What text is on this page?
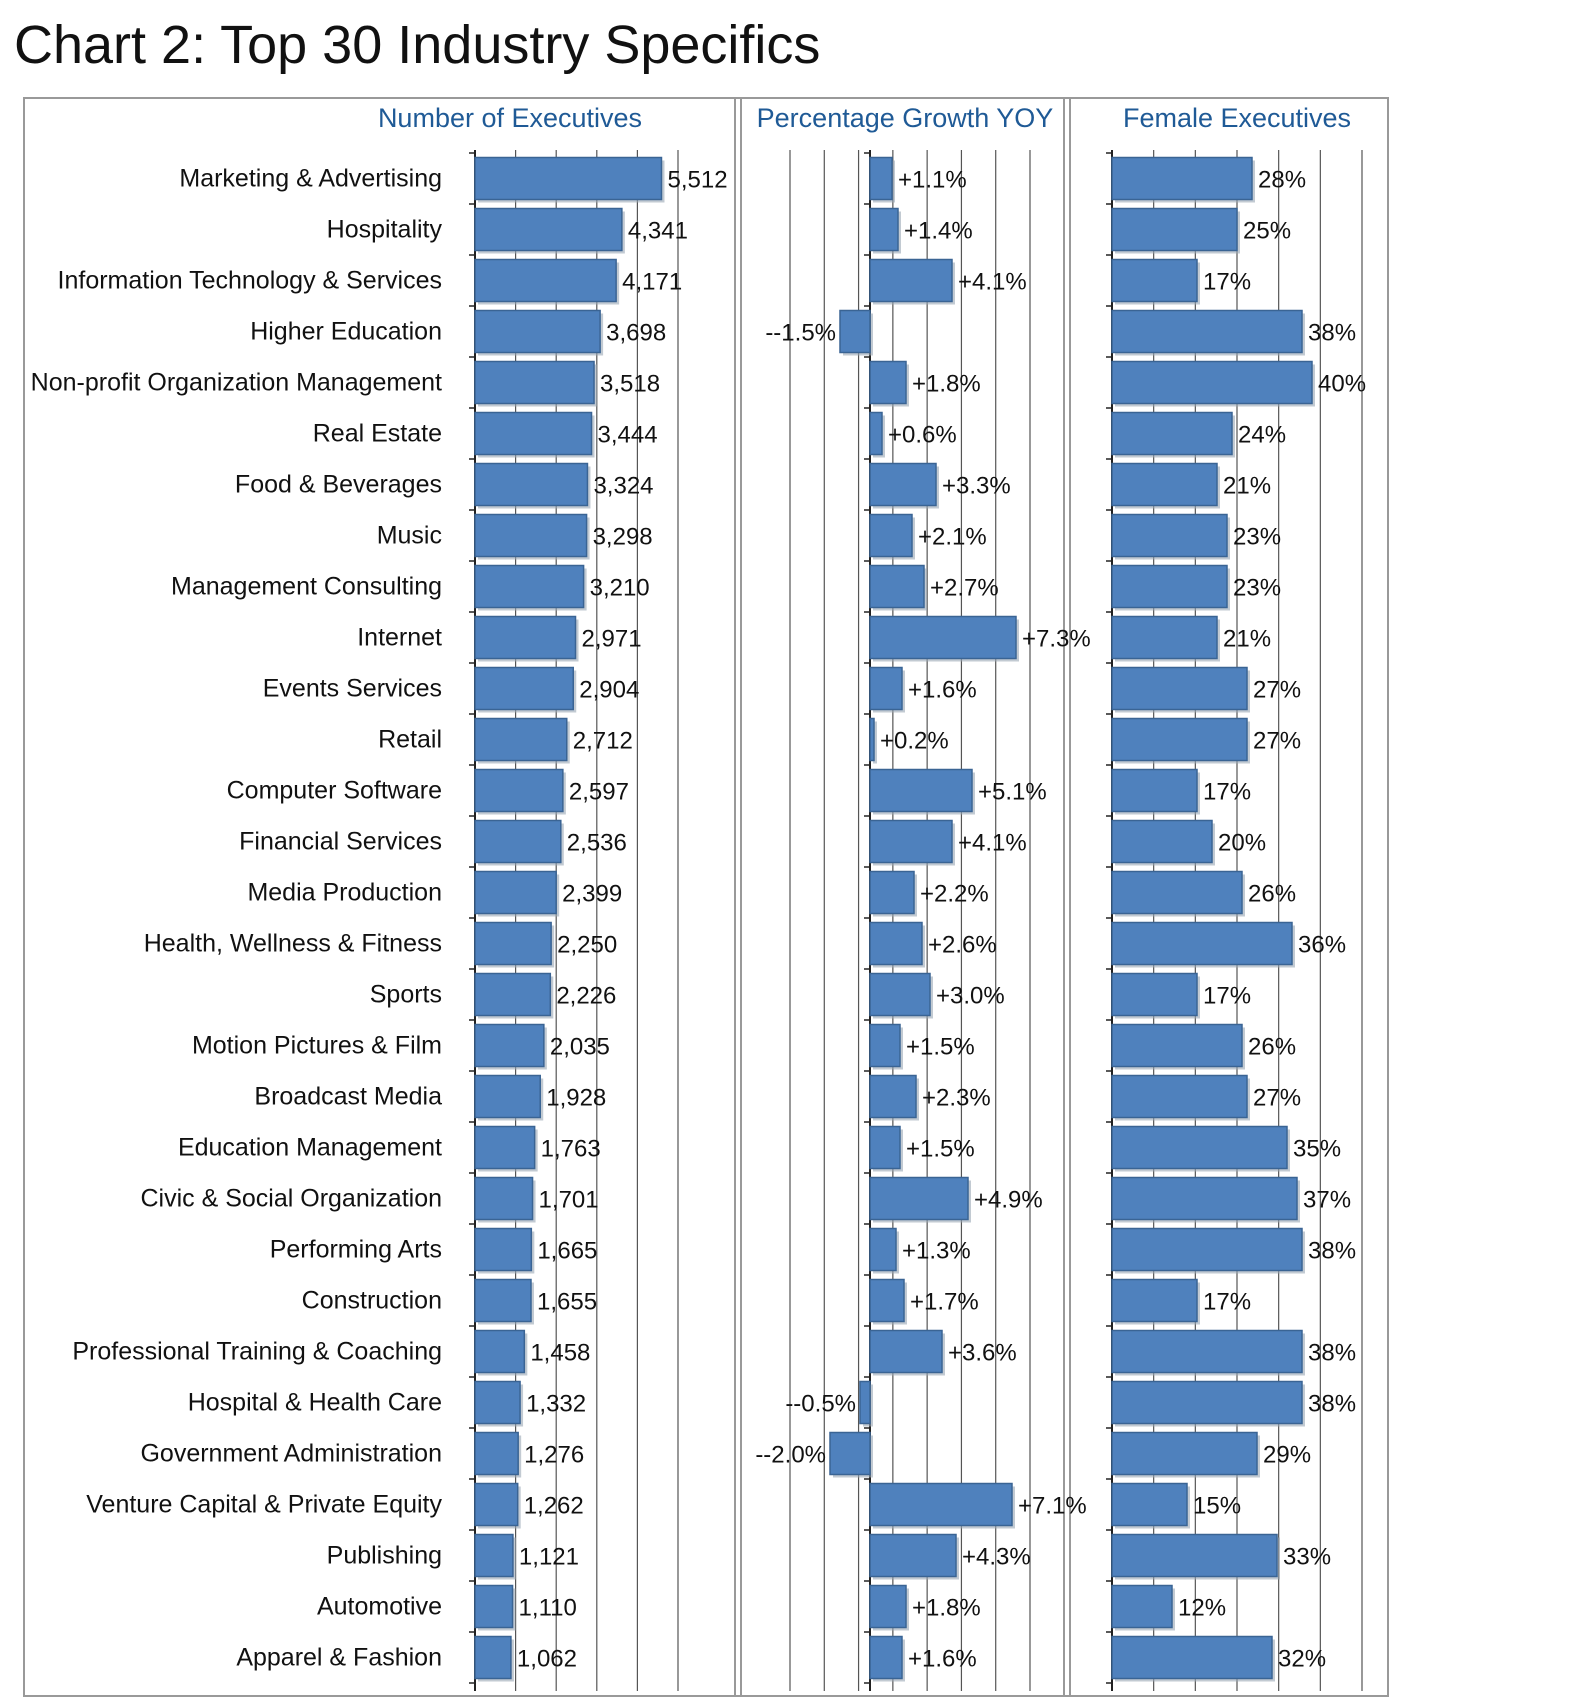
Chart 2: Top 30 Industry Specifics
Marketing & Advertising
Hospitality
Information Technology & Services
Higher Education
Non-profit Organization Management
Real Estate
Food & Beverages
Music
Management Consulting
Internet
Events Services
Retail
Computer Software
Financial Services
Media Production
Health, Wellness & Fitness
Sports
Motion Pictures & Film
Broadcast Media
Education Management
Civic & Social Organization
Performing Arts
Construction
Professional Training & Coaching
Hospital & Health Care
Government Administration
Venture Capital & Private Equity
Publishing
Automotive
Apparel & Fashion
Number of Executives
5,512
4,341
4,171
3,698
3,518
3,444
3,324
3,298
3,210
2,971
2,904
2,712
2,597
2,536
2,399
2,250
2,226
2,035
1,928
1,763
1,701
1,665
1,655
1,458
1,332
1,276
1,262
1,121
1,110
1,062
Percentage Growth YOY
+1.1%
+1.4%
+4.1%
--1.5%
+1.8%
+0.6%
+3.3%
+2.1%
+2.7%
+7.3%
+1.6%
+0.2%
+5.1%
+4.1%
+2.2%
+2.6%
+3.0%
+1.5%
+2.3%
+1.5%
+4.9%
+1.3%
+1.7%
+3.6%
--0.5%
--2.0%
+7.1%
+4.3%
+1.8%
+1.6%
Female Executives
28%
25%
17%
38%
40%
24%
21%
23%
23%
21%
27%
27%
17%
20%
26%
36%
17%
26%
27%
35%
37%
38%
17%
38%
38%
29%
15%
33%
12%
32%
